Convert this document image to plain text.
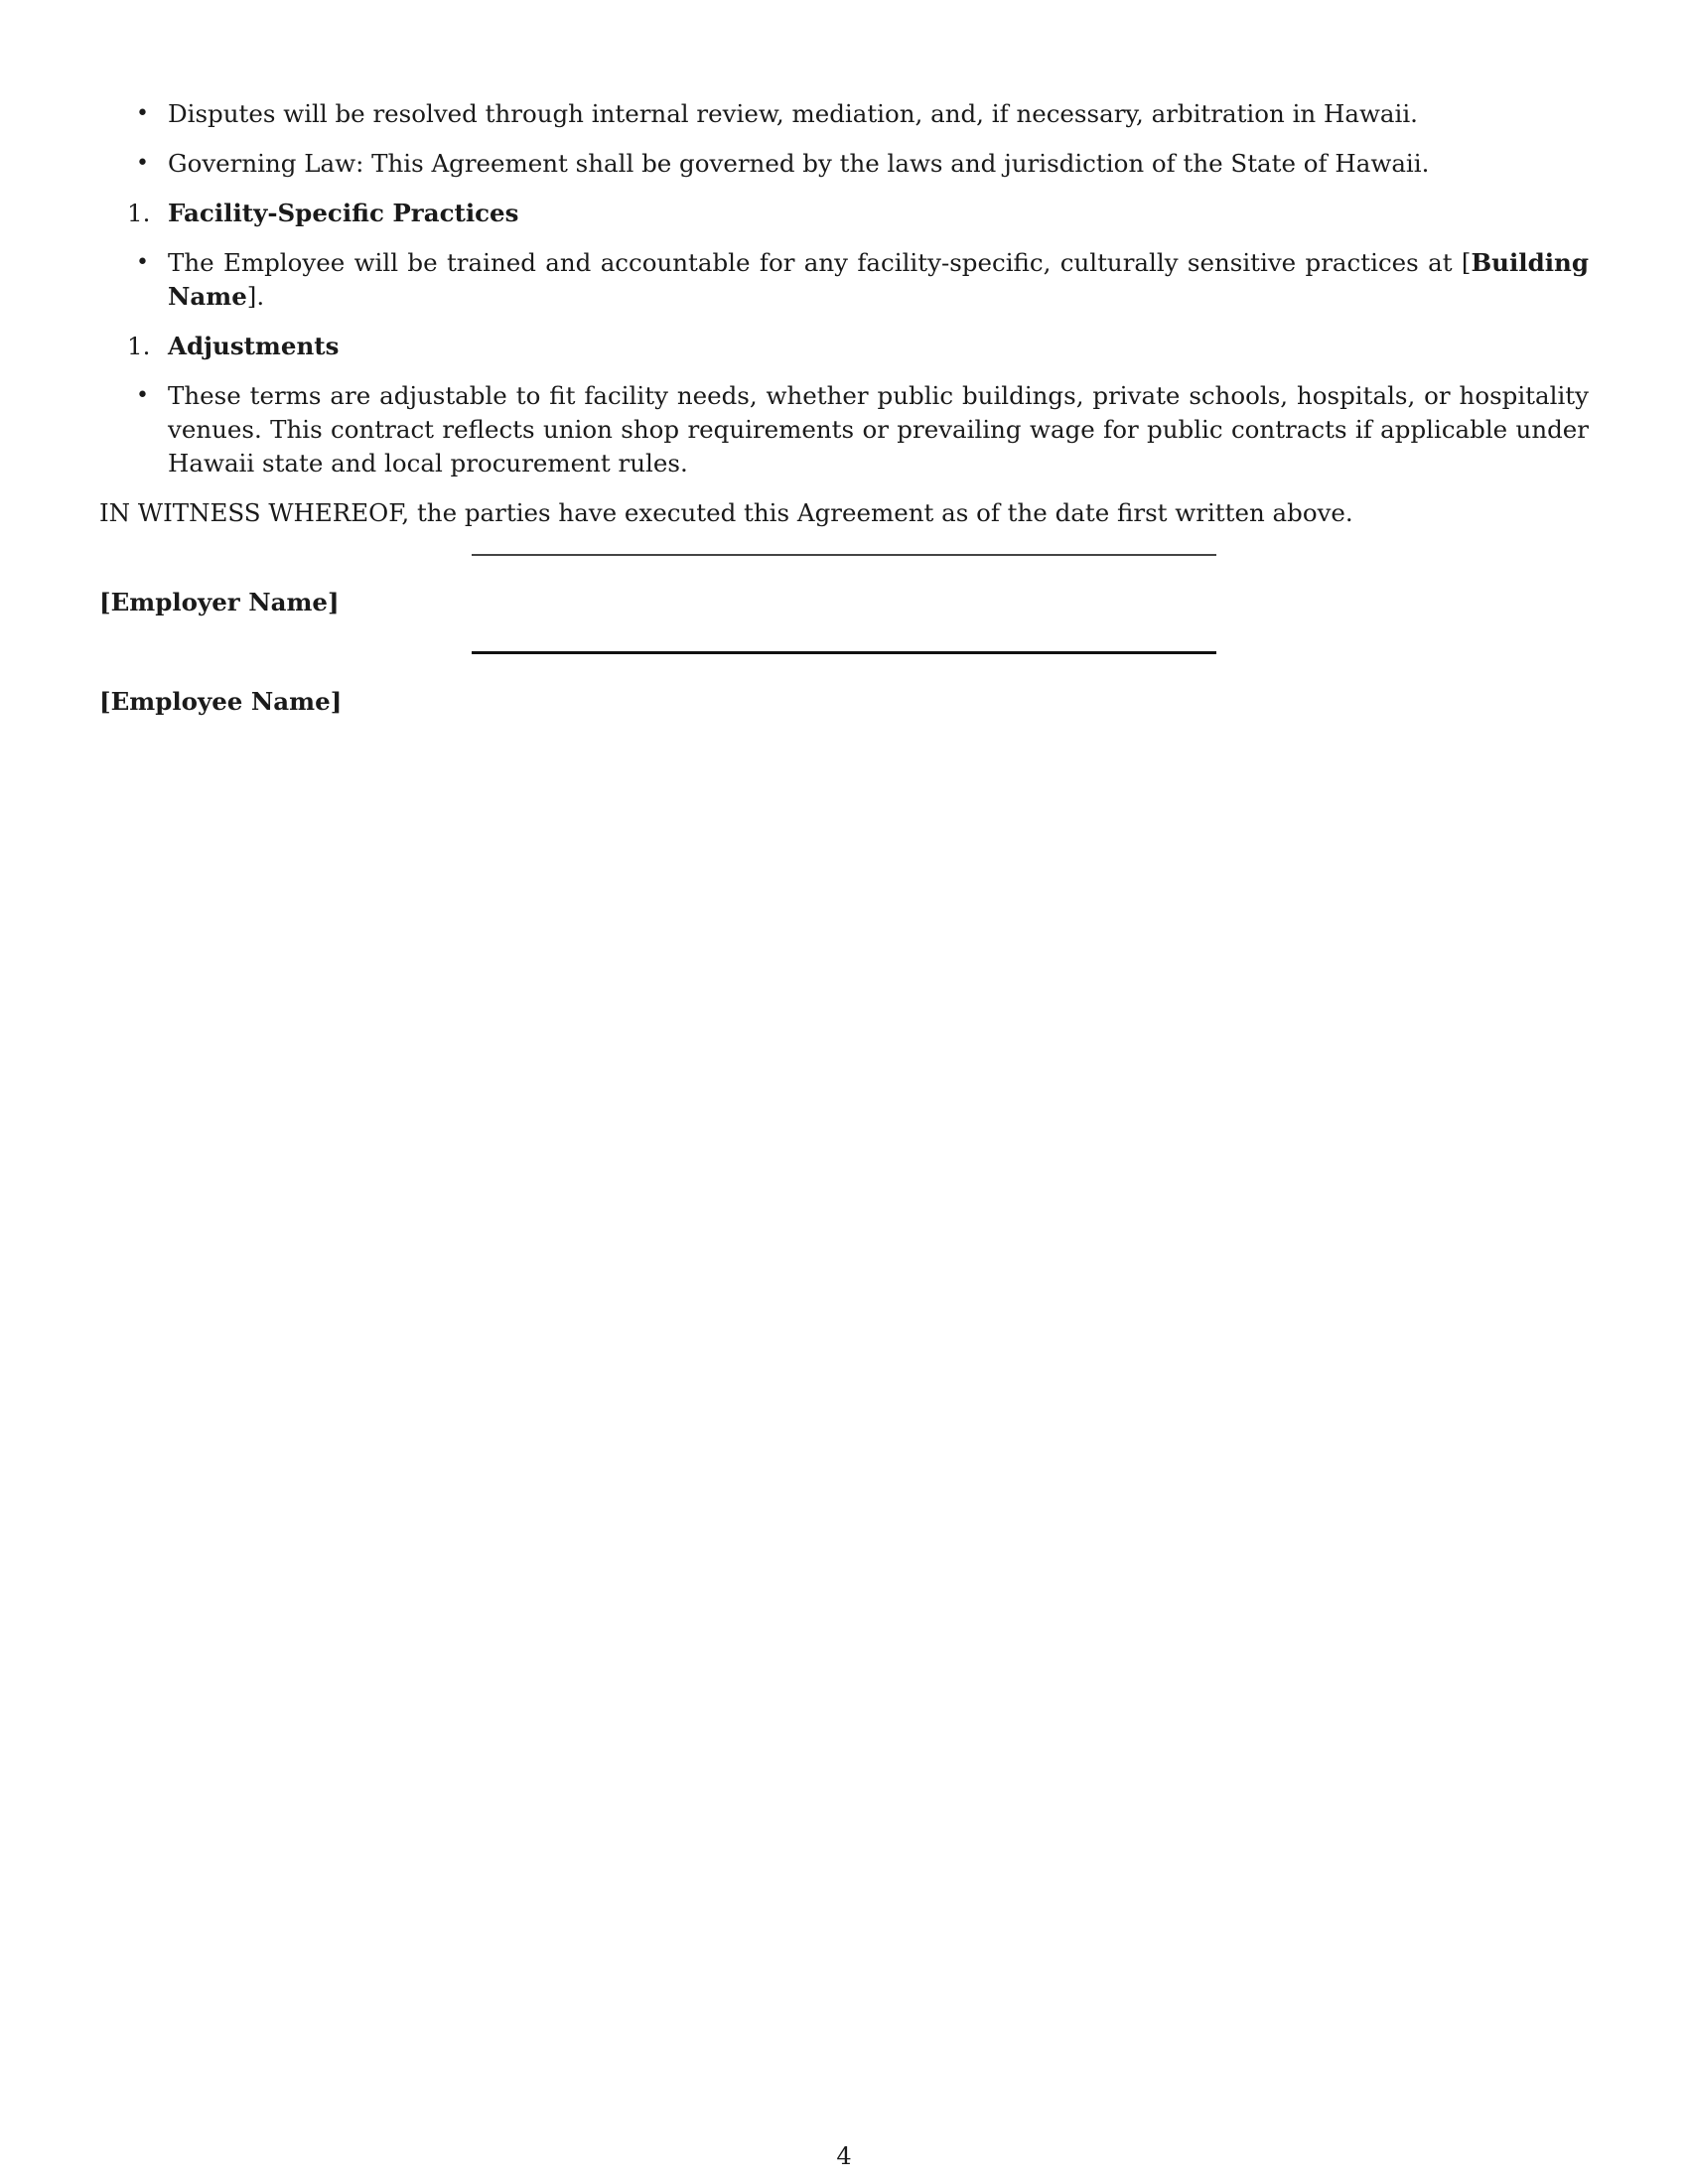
• Disputes will be resolved through internal review, mediation, and, if necessary, arbitration in Hawaii.
• Governing Law: This Agreement shall be governed by the laws and jurisdiction of the State of Hawaii.
1. Facility-Specific Practices
• The Employee will be trained and accountable for any facility-specific, culturally sensitive practices at [Building Name].
1. Adjustments
• These terms are adjustable to fit facility needs, whether public buildings, private schools, hospitals, or hospitality venues. This contract reflects union shop requirements or prevailing wage for public contracts if applicable under Hawaii state and local procurement rules.

IN WITNESS WHEREOF, the parties have executed this Agreement as of the date first written above.

[Employer Name]
[Employee Name]
4
